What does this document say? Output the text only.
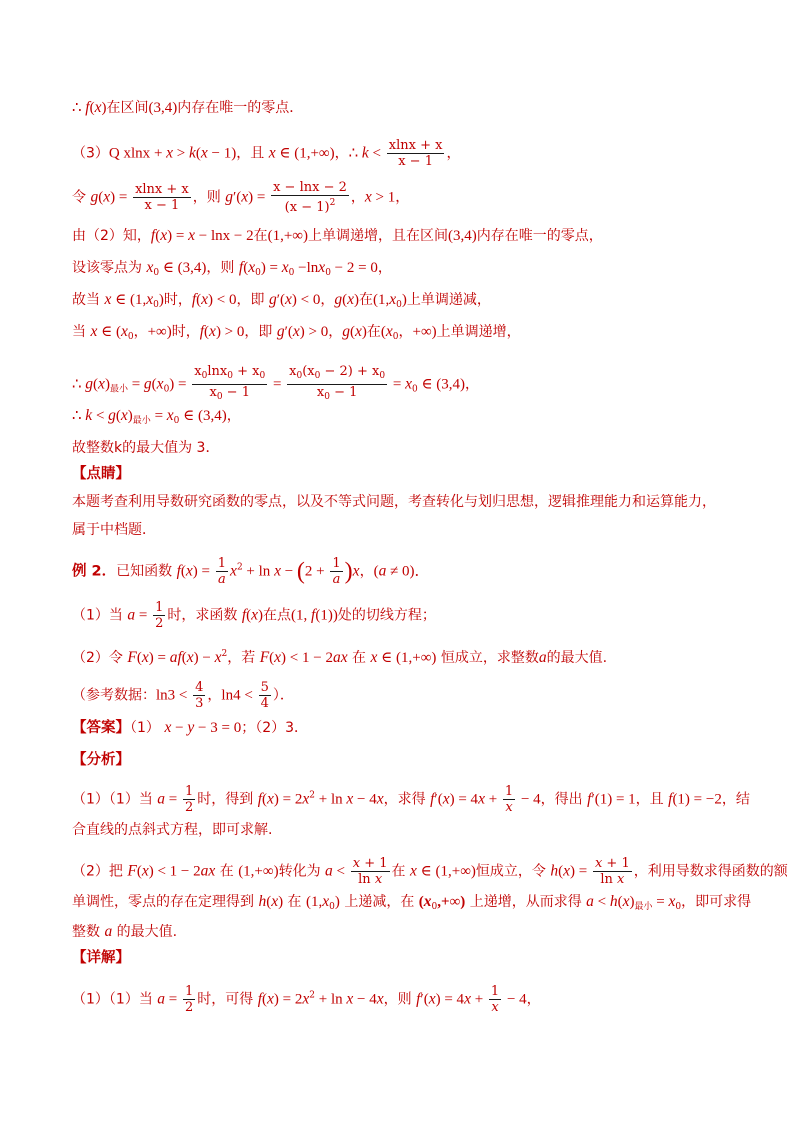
∴ f(x)在区间(3,4)内存在唯一的零点．
（3）Q xlnx + x > k(x − 1)，且 x ∈ (1,+∞)，∴ $k < \frac{xlnx + x}{x - 1}$ ，
令 $g(x) = \frac{xlnx + x}{x - 1}$ ，则 $g'(x) = \frac{x - \ln x - 2}{(x - 1)^2}$ ，x > 1，
由（2）知，f(x) = x − lnx − 2在(1,+∞)上单调递增，且在区间(3,4)内存在唯一的零点，
设该零点为 $x_0$ ∈ (3,4)，则 $f(x_0) = x_0 -\ln x_0 - 2 = 0$，
故当 x ∈ $(1,x_0)$时，f(x) < 0，即 g′(x) < 0，g(x)在$(1,x_0)$上单调递减，
当 x ∈ ($x_0$，+∞)时，f(x) > 0，即 g′(x) > 0，g(x)在($x_0$，+∞)上单调递增，
∴ $g(x)_{最小} = g(x_0) = \frac{x_0\ln x_0 + x_0}{x_0 - 1} = \frac{x_0(x_0 - 2) + x_0}{x_0 - 1} = x_0$ ∈ (3,4)，
∴ $k < g(x)_{最小} = x_0$ ∈ (3,4)，
故整数k的最大值为 3．
【点睛】
本题考查利用导数研究函数的零点，以及不等式问题，考查转化与划归思想，逻辑推理能力和运算能力，
属于中档题．
例 2．已知函数 $f(x) = \frac{1}{a} x^2 + \ln x - (2 + \frac{1}{a} )x$，(a ≠ 0)．
（1）当 $a = \frac{1}{2}$ 时，求函数 f(x)在点(1, f(1))处的切线方程；
（2）令 $F(x) = af(x) - x^2$，若 F(x) < 1 − 2ax 在 x ∈ (1,+∞) 恒成立，求整数a的最大值.
（参考数据：$\ln 3 < \frac{4}{3}$ ，$\ln 4 < \frac{5}{4}$ ）．
【答案】（1） x − y − 3 = 0；（2）3．
【分析】
（1）（1）当 $a = \frac{1}{2}$ 时，得到 $f(x) = 2x^2 + \ln x - 4x$，求得 $f'(x) = 4x + \frac{1}{x} - 4$，得出 f′(1) = 1，且 f(1) = −2，结
合直线的点斜式方程，即可求解.
（2）把 F(x) < 1 − 2ax 在 (1,+∞)转化为 $a < \frac{x + 1}{\text{ln x}}$ 在 x ∈ (1,+∞)恒成立，令 $h(x) = \frac{x + 1}{\text{ln x}}$ ，利用导数求得函数的额
单调性，零点的存在定理得到 h(x) 在 $(1,x_0)$ 上递减，在 $(x_0,+\infty)$ 上递增，从而求得 $a < h(x)_{最小} = x_0$，即可求得
整数 a 的最大值.
【详解】
（1）（1）当 $a = \frac{1}{2}$ 时，可得 $f(x) = 2x^2 + \ln x - 4x$，则 $f'(x) = 4x + \frac{1}{x} - 4$，
